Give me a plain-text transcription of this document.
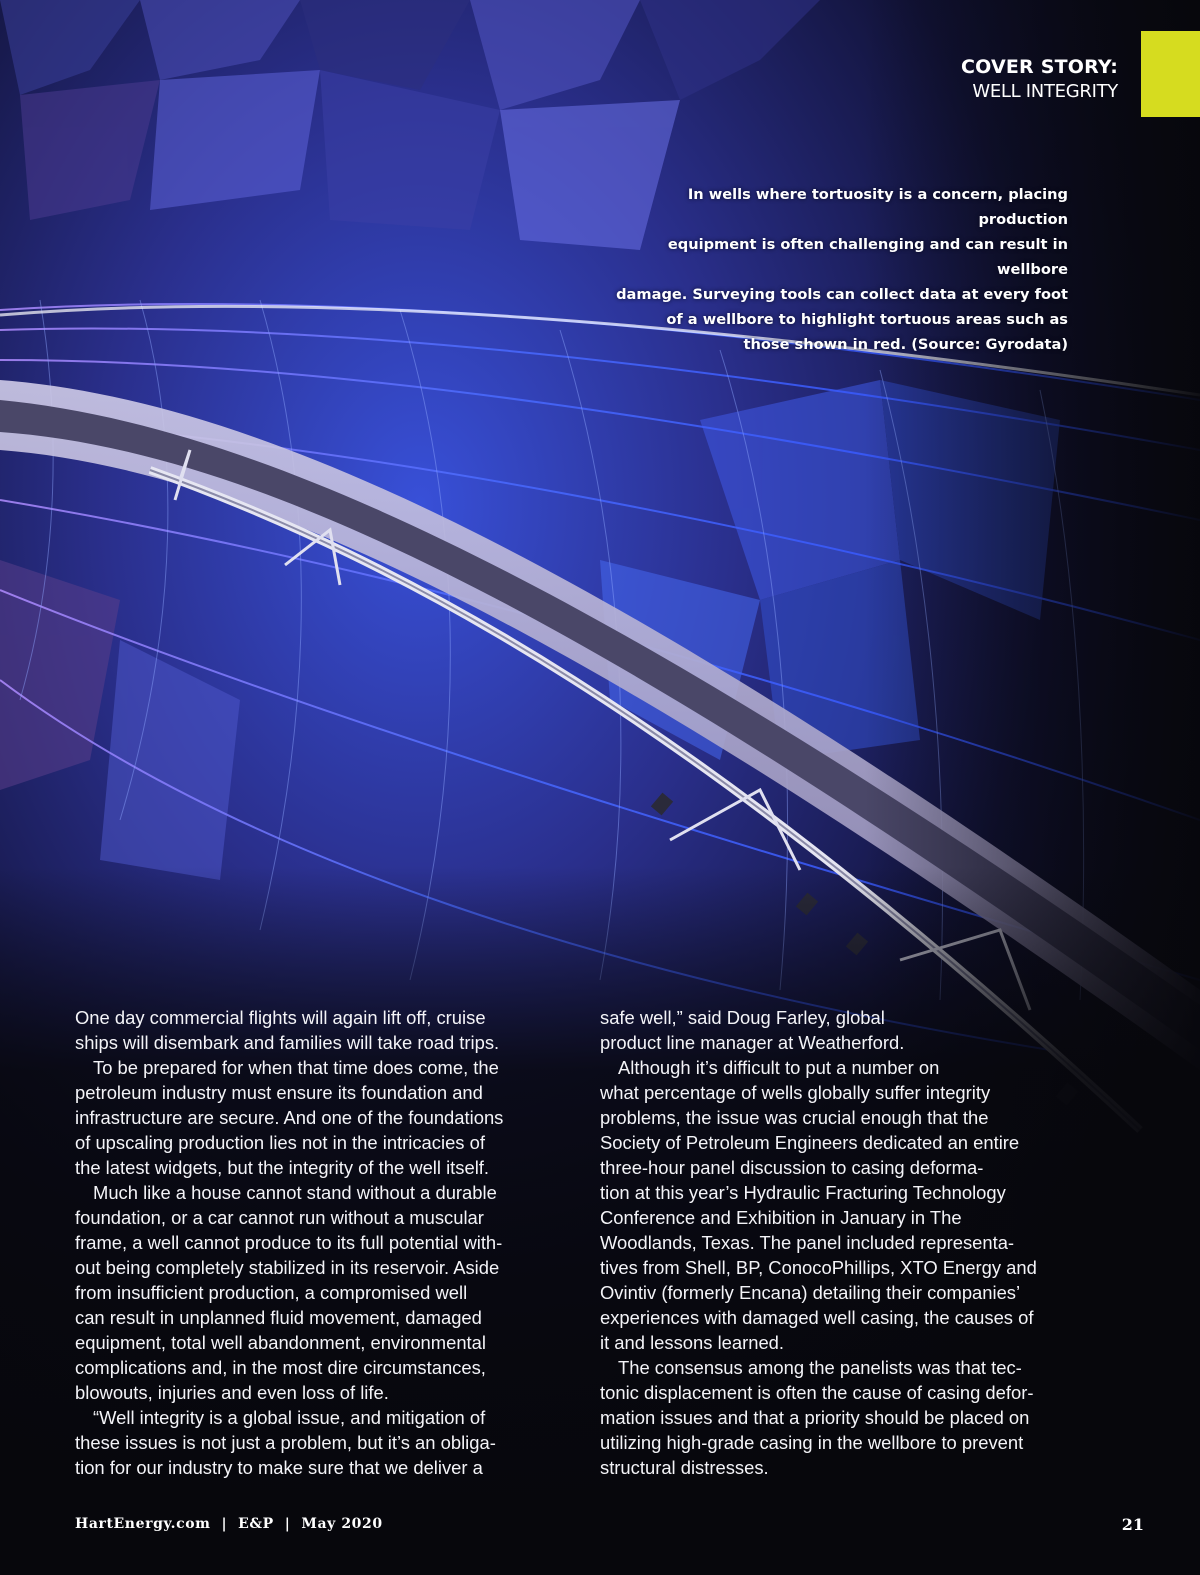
COVER STORY:
WELL INTEGRITY
In wells where tortuosity is a concern, placing production
equipment is often challenging and can result in wellbore
damage. Surveying tools can collect data at every foot
of a wellbore to highlight tortuous areas such as
those shown in red. (Source: Gyrodata)
One day commercial flights will again lift off, cruise
ships will disembark and families will take road trips.
To be prepared for when that time does come, the
petroleum industry must ensure its foundation and
infrastructure are secure. And one of the foundations
of upscaling production lies not in the intricacies of
the latest widgets, but the integrity of the well itself.
Much like a house cannot stand without a durable
foundation, or a car cannot run without a muscular
frame, a well cannot produce to its full potential with-
out being completely stabilized in its reservoir. Aside
from insufficient production, a compromised well
can result in unplanned fluid movement, damaged
equipment, total well abandonment, environmental
complications and, in the most dire circumstances,
blowouts, injuries and even loss of life.
“Well integrity is a global issue, and mitigation of
these issues is not just a problem, but it’s an obliga-
tion for our industry to make sure that we deliver a
safe well,” said Doug Farley, global
product line manager at Weatherford.
Although it’s difficult to put a number on
what percentage of wells globally suffer integrity
problems, the issue was crucial enough that the
Society of Petroleum Engineers dedicated an entire
three-hour panel discussion to casing deforma-
tion at this year’s Hydraulic Fracturing Technology
Conference and Exhibition in January in The
Woodlands, Texas. The panel included representa-
tives from Shell, BP, ConocoPhillips, XTO Energy and
Ovintiv (formerly Encana) detailing their companies’
experiences with damaged well casing, the causes of
it and lessons learned.
The consensus among the panelists was that tec-
tonic displacement is often the cause of casing defor-
mation issues and that a priority should be placed on
utilizing high-grade casing in the wellbore to prevent
structural distresses.
HartEnergy.com  |  E&P  |  May 2020	21
